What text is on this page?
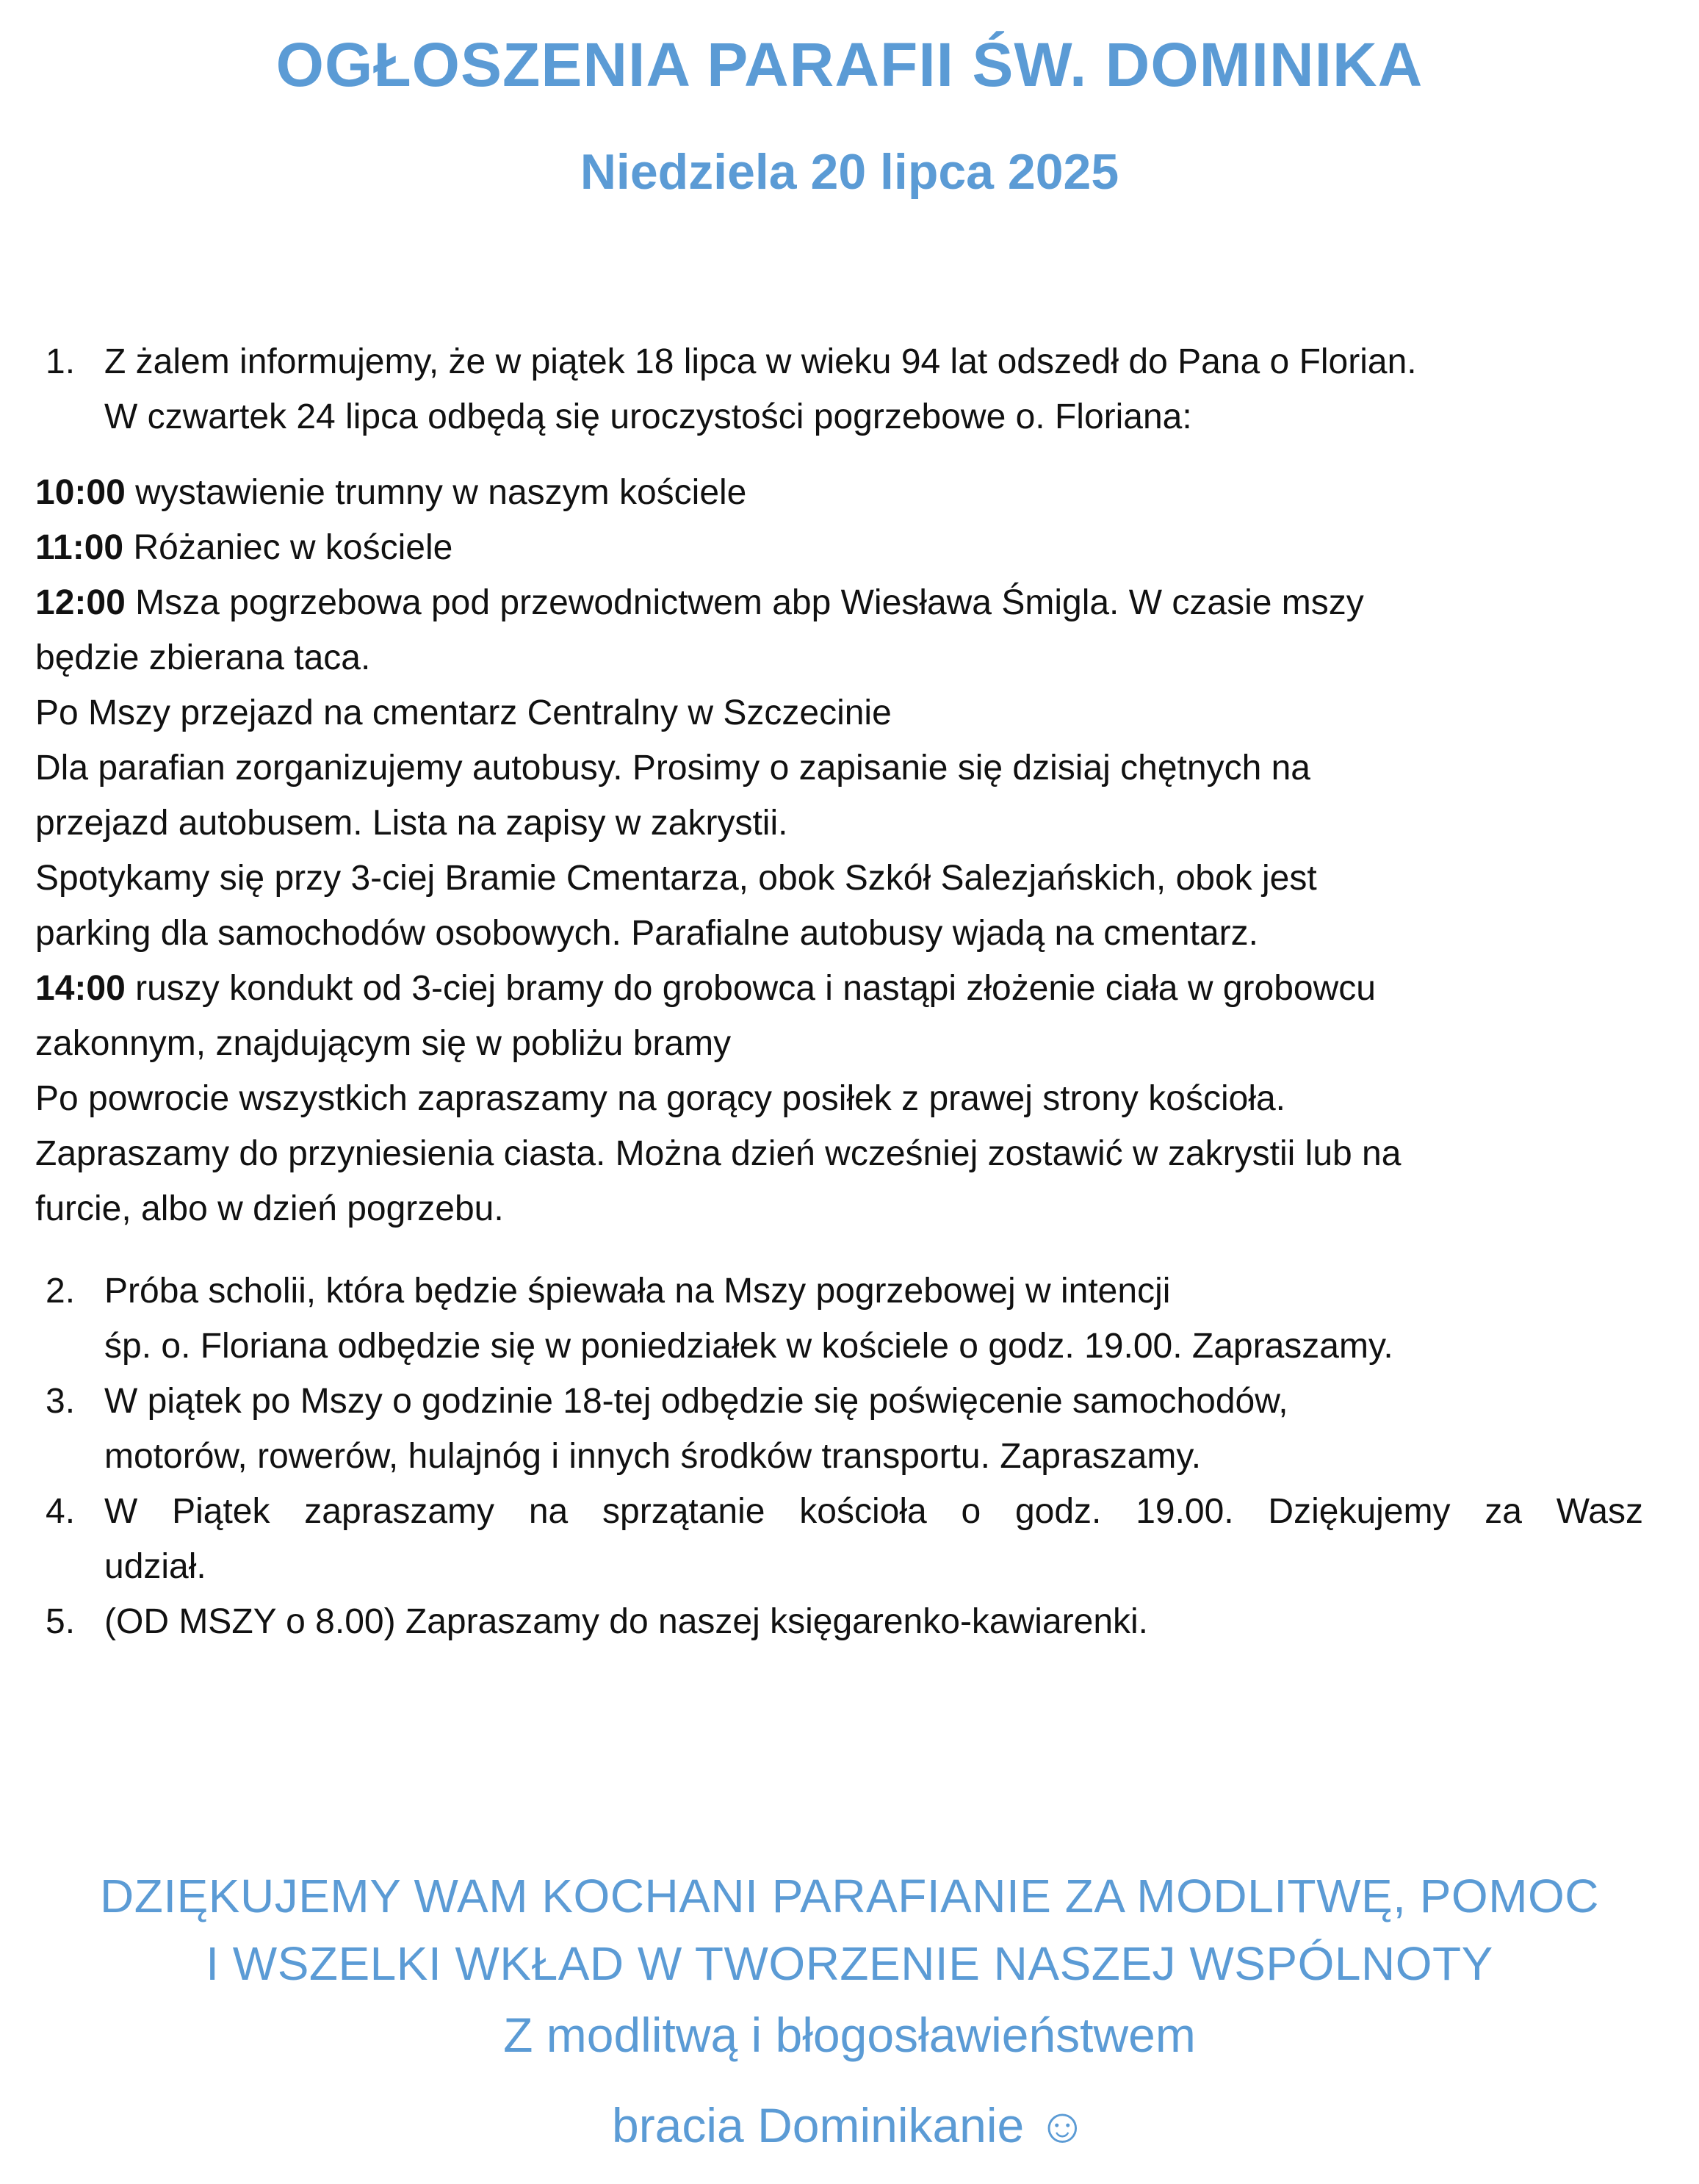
OGŁOSZENIA PARAFII ŚW. DOMINIKA
Niedziela 20 lipca 2025
1. Z żalem informujemy, że w piątek 18 lipca w wieku 94 lat odszedł do Pana o Florian.
W czwartek 24 lipca odbędą się uroczystości pogrzebowe o. Floriana:
10:00 wystawienie trumny w naszym kościele
11:00 Różaniec w kościele
12:00 Msza pogrzebowa pod przewodnictwem abp Wiesława Śmigla. W czasie mszy
będzie zbierana taca.
Po Mszy przejazd na cmentarz Centralny w Szczecinie
Dla parafian zorganizujemy autobusy. Prosimy o zapisanie się dzisiaj chętnych na
przejazd autobusem. Lista na zapisy w zakrystii.
Spotykamy się przy 3-ciej Bramie Cmentarza, obok Szkół Salezjańskich, obok jest
parking dla samochodów osobowych. Parafialne autobusy wjadą na cmentarz.
14:00 ruszy kondukt od 3-ciej bramy do grobowca i nastąpi złożenie ciała w grobowcu
zakonnym, znajdującym się w pobliżu bramy
Po powrocie wszystkich zapraszamy na gorący posiłek z prawej strony kościoła.
Zapraszamy do przyniesienia ciasta. Można dzień wcześniej zostawić w zakrystii lub na
furcie, albo w dzień pogrzebu.
2. Próba scholii, która będzie śpiewała na Mszy pogrzebowej w intencji
śp. o. Floriana odbędzie się w poniedziałek w kościele o godz. 19.00. Zapraszamy.
3. W piątek po Mszy o godzinie 18-tej odbędzie się poświęcenie samochodów,
motorów, rowerów, hulajnóg i innych środków transportu. Zapraszamy.
4. W Piątek zapraszamy na sprzątanie kościoła o godz. 19.00. Dziękujemy za Wasz
udział.
5. (OD MSZY o 8.00) Zapraszamy do naszej księgarenko-kawiarenki.
DZIĘKUJEMY WAM KOCHANI PARAFIANIE ZA MODLITWĘ, POMOC
I WSZELKI WKŁAD W TWORZENIE NASZEJ WSPÓLNOTY
Z modlitwą i błogosławieństwem
bracia Dominikanie ☺
